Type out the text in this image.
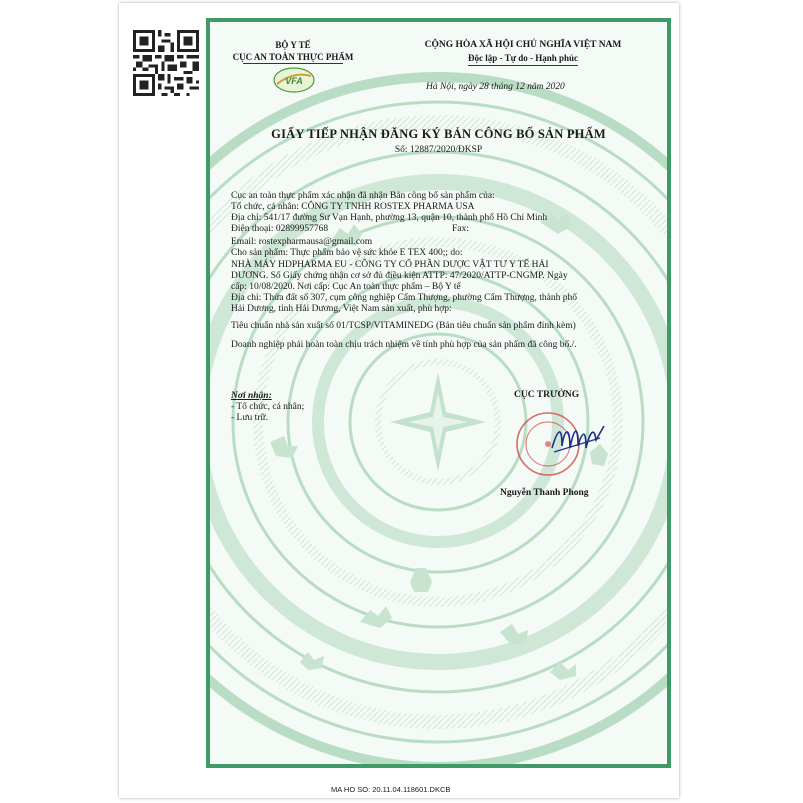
BỘ Y TẾ
CỤC AN TOÀN THỰC PHẨM
VFA
CỘNG HÒA XÃ HỘI CHỦ NGHĨA VIỆT NAM
Độc lập - Tự do - Hạnh phúc
Hà Nội, ngày 28 tháng 12 năm 2020
GIẤY TIẾP NHẬN ĐĂNG KÝ BẢN CÔNG BỐ SẢN PHẨM
Số: 12887/2020/ĐKSP
Cục an toàn thực phẩm xác nhận đã nhận Bản công bố sản phẩm của:
Tổ chức, cá nhân: CÔNG TY TNHH ROSTEX PHARMA USA
Địa chỉ: 541/17 đường Sư Vạn Hạnh, phường 13, quận 10, thành phố Hồ Chí Minh
Điện thoại: 02899957768	Fax:
Email: rostexpharmausa@gmail.com
Cho sản phẩm: Thực phẩm bảo vệ sức khỏe E TEX 400;; do:
NHÀ MÁY HDPHARMA EU - CÔNG TY CỔ PHẦN DƯỢC VẬT TƯ Y TẾ HẢI
DƯƠNG. Số Giấy chứng nhận cơ sở đủ điều kiện ATTP: 47/2020/ATTP-CNGMP. Ngày
cấp: 10/08/2020. Nơi cấp: Cục An toàn thực phẩm – Bộ Y tế
Địa chỉ: Thửa đất số 307, cụm công nghiệp Cẩm Thượng, phường Cẩm Thượng, thành phố
Hải Dương, tỉnh Hải Dương, Việt Nam sản xuất, phù hợp:
Tiêu chuẩn nhà sản xuất số 01/TCSP/VITAMINEDG (Bản tiêu chuẩn sản phẩm đính kèm)
Doanh nghiệp phải hoàn toàn chịu trách nhiệm về tính phù hợp của sản phẩm đã công bố./.
Nơi nhận:
- Tổ chức, cá nhân;
- Lưu trữ.
CỤC TRƯỞNG
Nguyễn Thanh Phong
MA HO SO: 20.11.04.118601.DKCB
